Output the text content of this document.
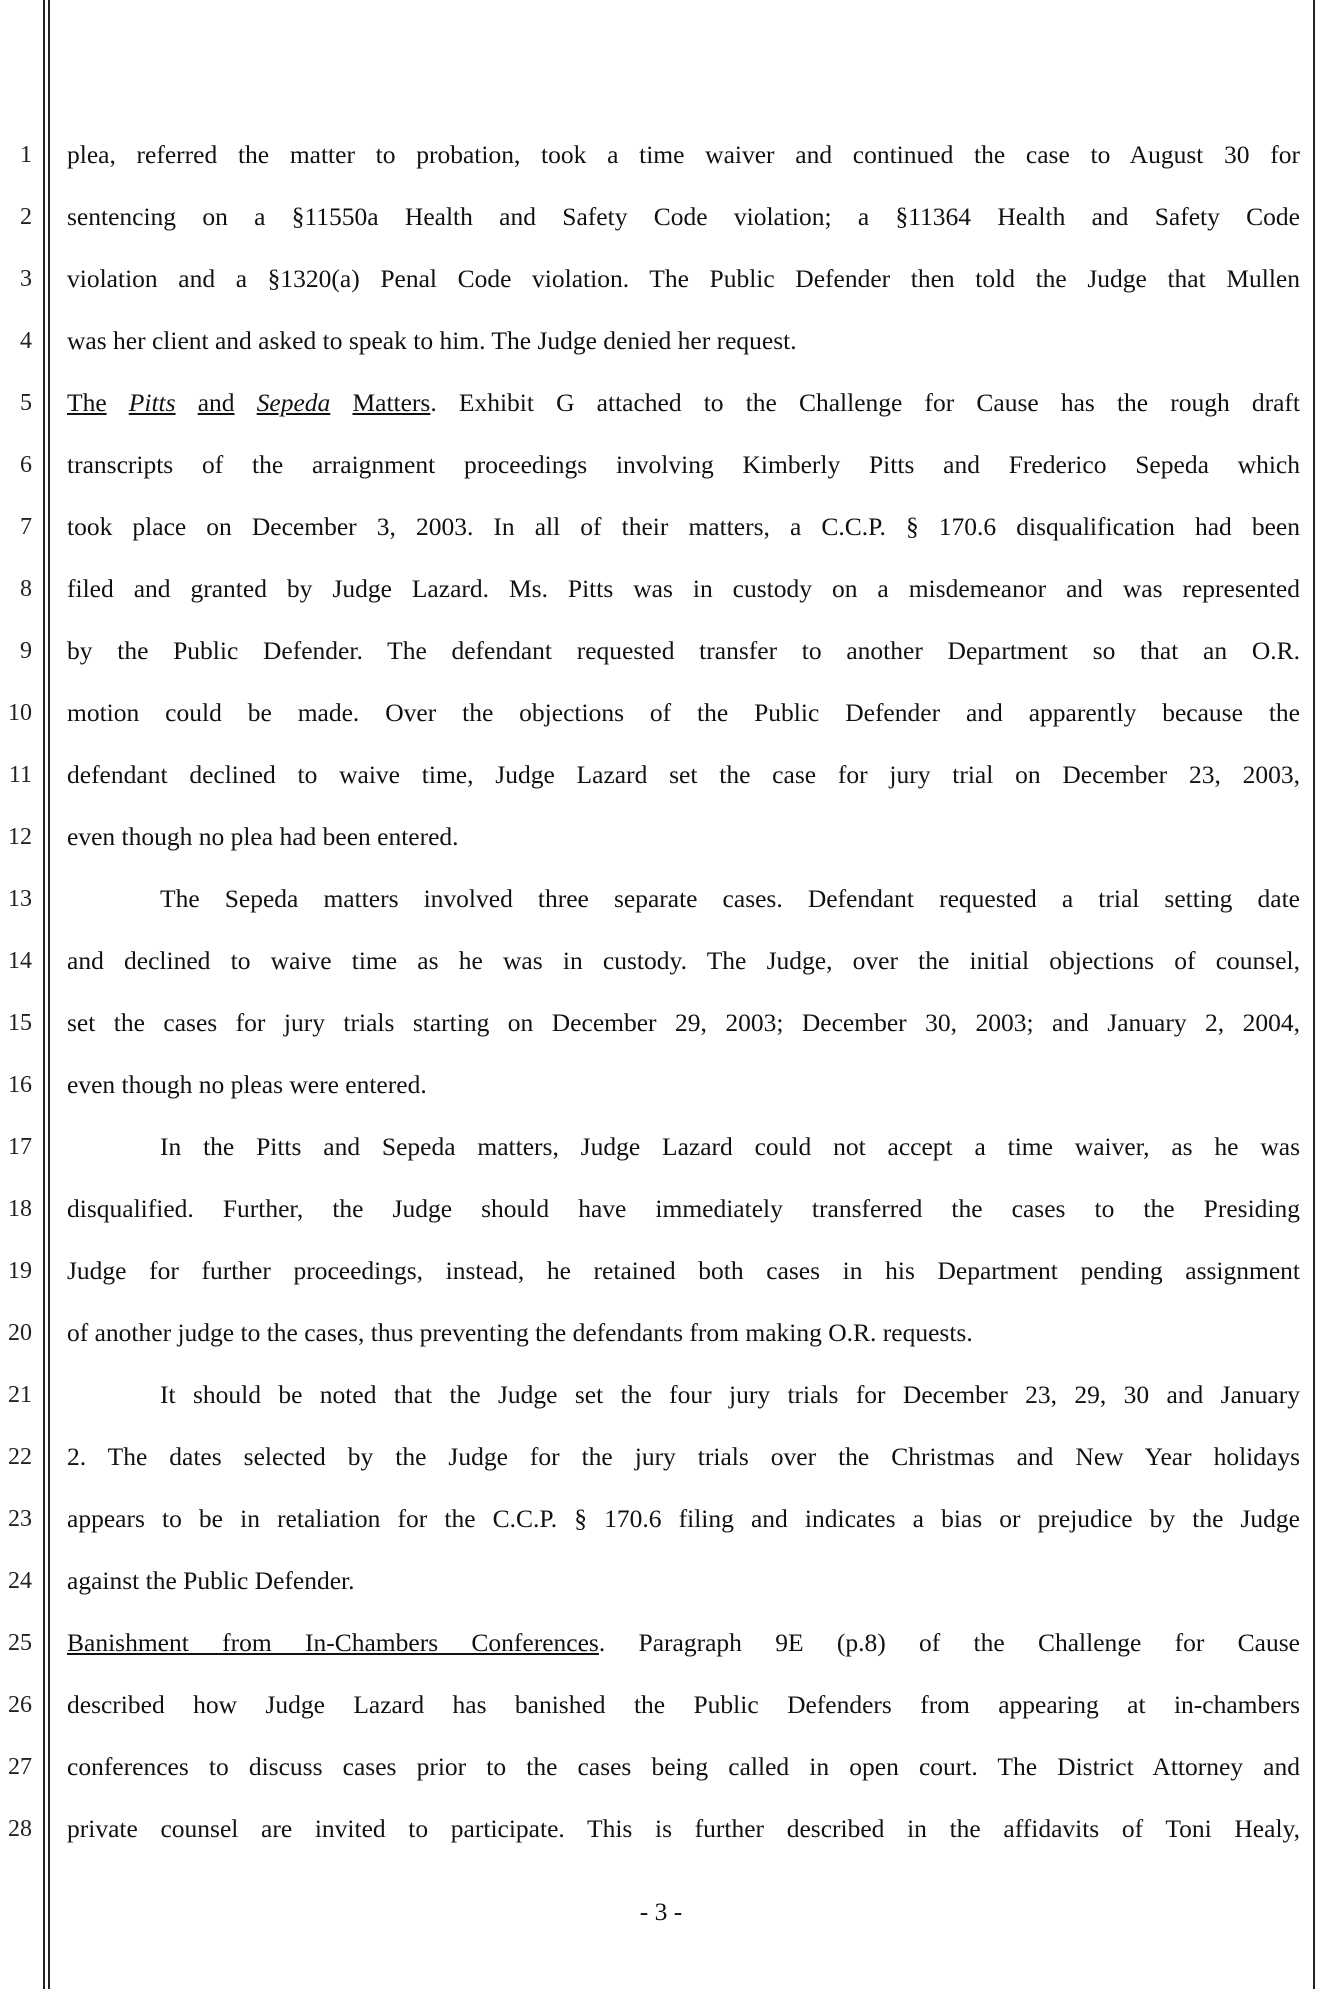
1
2
3
4
5
6
7
8
9
10
11
12
13
14
15
16
17
18
19
20
21
22
23
24
25
26
27
28
plea, referred the matter to probation, took a time waiver and continued the case to August 30 for
sentencing on a §11550a Health and Safety Code violation; a §11364 Health and Safety Code
violation and a §1320(a) Penal Code violation. The Public Defender then told the Judge that Mullen
was her client and asked to speak to him. The Judge denied her request.
The Pitts and Sepeda Matters. Exhibit G attached to the Challenge for Cause has the rough draft
transcripts of the arraignment proceedings involving Kimberly Pitts and Frederico Sepeda which
took place on December 3, 2003. In all of their matters, a C.C.P. § 170.6 disqualification had been
filed and granted by Judge Lazard. Ms. Pitts was in custody on a misdemeanor and was represented
by the Public Defender. The defendant requested transfer to another Department so that an O.R.
motion could be made. Over the objections of the Public Defender and apparently because the
defendant declined to waive time, Judge Lazard set the case for jury trial on December 23, 2003,
even though no plea had been entered.
The Sepeda matters involved three separate cases. Defendant requested a trial setting date
and declined to waive time as he was in custody. The Judge, over the initial objections of counsel,
set the cases for jury trials starting on December 29, 2003; December 30, 2003; and January 2, 2004,
even though no pleas were entered.
In the Pitts and Sepeda matters, Judge Lazard could not accept a time waiver, as he was
disqualified. Further, the Judge should have immediately transferred the cases to the Presiding
Judge for further proceedings, instead, he retained both cases in his Department pending assignment
of another judge to the cases, thus preventing the defendants from making O.R. requests.
It should be noted that the Judge set the four jury trials for December 23, 29, 30 and January
2. The dates selected by the Judge for the jury trials over the Christmas and New Year holidays
appears to be in retaliation for the C.C.P. § 170.6 filing and indicates a bias or prejudice by the Judge
against the Public Defender.
Banishment from In-Chambers Conferences. Paragraph 9E (p.8) of the Challenge for Cause
described how Judge Lazard has banished the Public Defenders from appearing at in-chambers
conferences to discuss cases prior to the cases being called in open court. The District Attorney and
private counsel are invited to participate. This is further described in the affidavits of Toni Healy,
- 3 -
